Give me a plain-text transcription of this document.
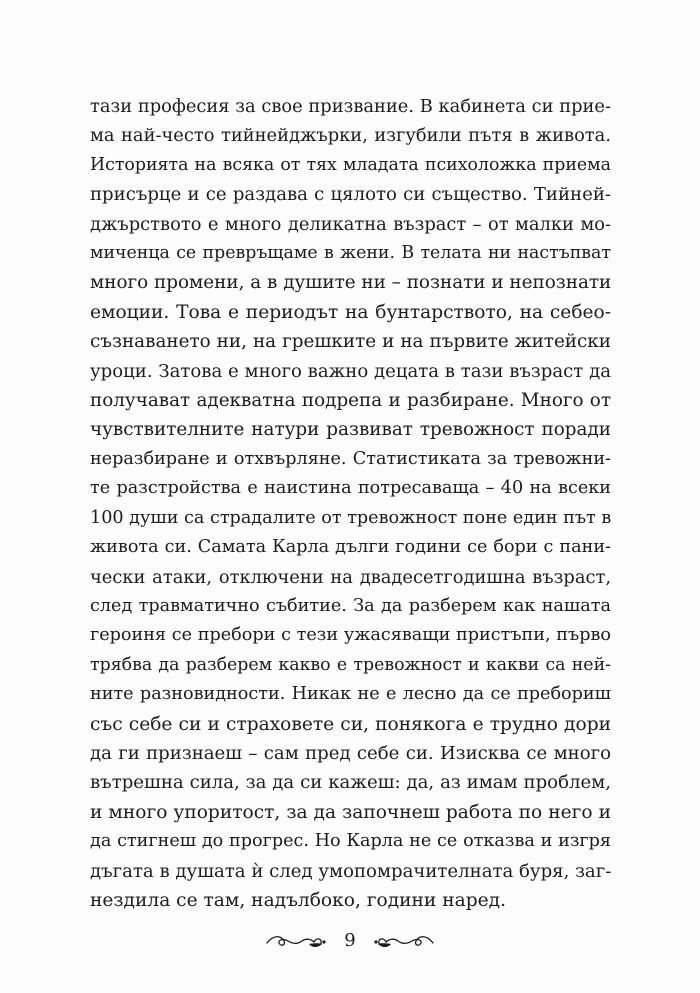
тази професия за свое призвание. В кабинета си прие-
ма най-често тийнейджърки, изгубили пътя в живота.
Историята на всяка от тях младата психоложка приема
присърце и се раздава с цялото си същество. Тийней-
джърството е много деликатна възраст – от малки мо-
миченца се превръщаме в жени. В телата ни настъпват
много промени, а в душите ни – познати и непознати
емоции. Това е периодът на бунтарството, на себео-
съзнаването ни, на грешките и на първите житейски
уроци. Затова е много важно децата в тази възраст да
получават адекватна подрепа и разбиране. Много от
чувствителните натури развиват тревожност поради
неразбиране и отхвърляне. Статистиката за тревожни-
те разстройства е наистина потресаваща – 40 на всеки
100 души са страдалите от тревожност поне един път в
живота си. Самата Карла дълги години се бори с пани-
чески атаки, отключени на двадесетгодишна възраст,
след травматично събитие. За да разберем как нашата
героиня се пребори с тези ужасяващи пристъпи, първо
трябва да разберем какво е тревожност и какви са ней-
ните разновидности. Никак не е лесно да се пребориш
със себе си и страховете си, понякога е трудно дори
да ги признаеш – сам пред себе си. Изисква се много
вътрешна сила, за да си кажеш: да, аз имам проблем,
и много упоритост, за да започнеш работа по него и
да стигнеш до прогрес. Но Карла не се отказва и изгря
дъгата в душата ѝ след умопомрачителната буря, заг-
нездила се там, надълбоко, години наред.
9
